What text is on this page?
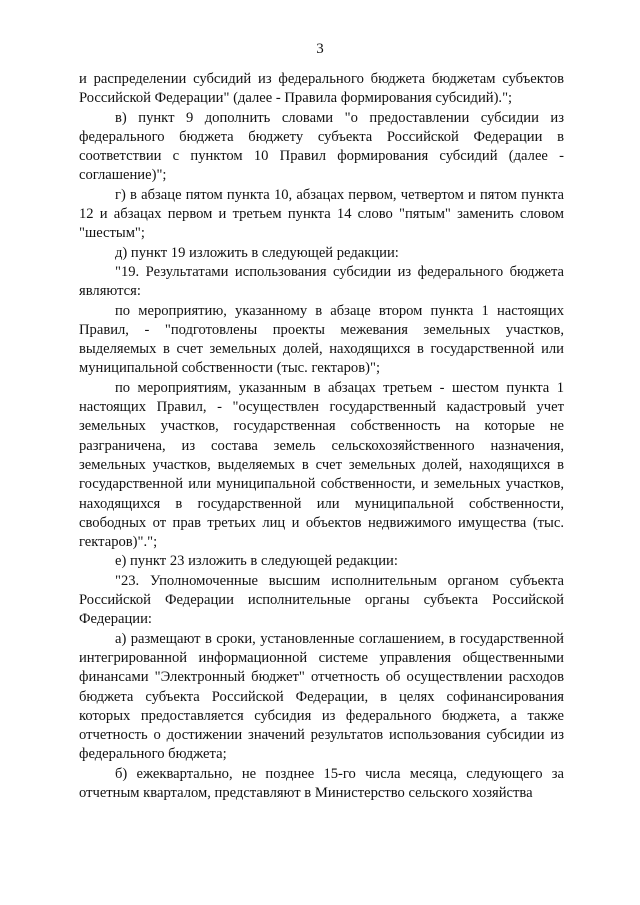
3

и распределении субсидий из федерального бюджета бюджетам субъектов Российской Федерации" (далее - Правила формирования субсидий).";

в) пункт 9 дополнить словами "о предоставлении субсидии из федерального бюджета бюджету субъекта Российской Федерации в соответствии с пунктом 10 Правил формирования субсидий (далее - соглашение)";

г) в абзаце пятом пункта 10, абзацах первом, четвертом и пятом пункта 12 и абзацах первом и третьем пункта 14 слово "пятым" заменить словом "шестым";

д) пункт 19 изложить в следующей редакции:

"19. Результатами использования субсидии из федерального бюджета являются:

по мероприятию, указанному в абзаце втором пункта 1 настоящих Правил, - "подготовлены проекты межевания земельных участков, выделяемых в счет земельных долей, находящихся в государственной или муниципальной собственности (тыс. гектаров)";

по мероприятиям, указанным в абзацах третьем - шестом пункта 1 настоящих Правил, - "осуществлен государственный кадастровый учет земельных участков, государственная собственность на которые не разграничена, из состава земель сельскохозяйственного назначения, земельных участков, выделяемых в счет земельных долей, находящихся в государственной или муниципальной собственности, и земельных участков, находящихся в государственной или муниципальной собственности, свободных от прав третьих лиц и объектов недвижимого имущества (тыс. гектаров)".";

е) пункт 23 изложить в следующей редакции:

"23. Уполномоченные высшим исполнительным органом субъекта Российской Федерации исполнительные органы субъекта Российской Федерации:

а) размещают в сроки, установленные соглашением, в государственной интегрированной информационной системе управления общественными финансами "Электронный бюджет" отчетность об осуществлении расходов бюджета субъекта Российской Федерации, в целях софинансирования которых предоставляется субсидия из федерального бюджета, а также отчетность о достижении значений результатов использования субсидии из федерального бюджета;

б) ежеквартально, не позднее 15-го числа месяца, следующего за отчетным кварталом, представляют в Министерство сельского хозяйства
